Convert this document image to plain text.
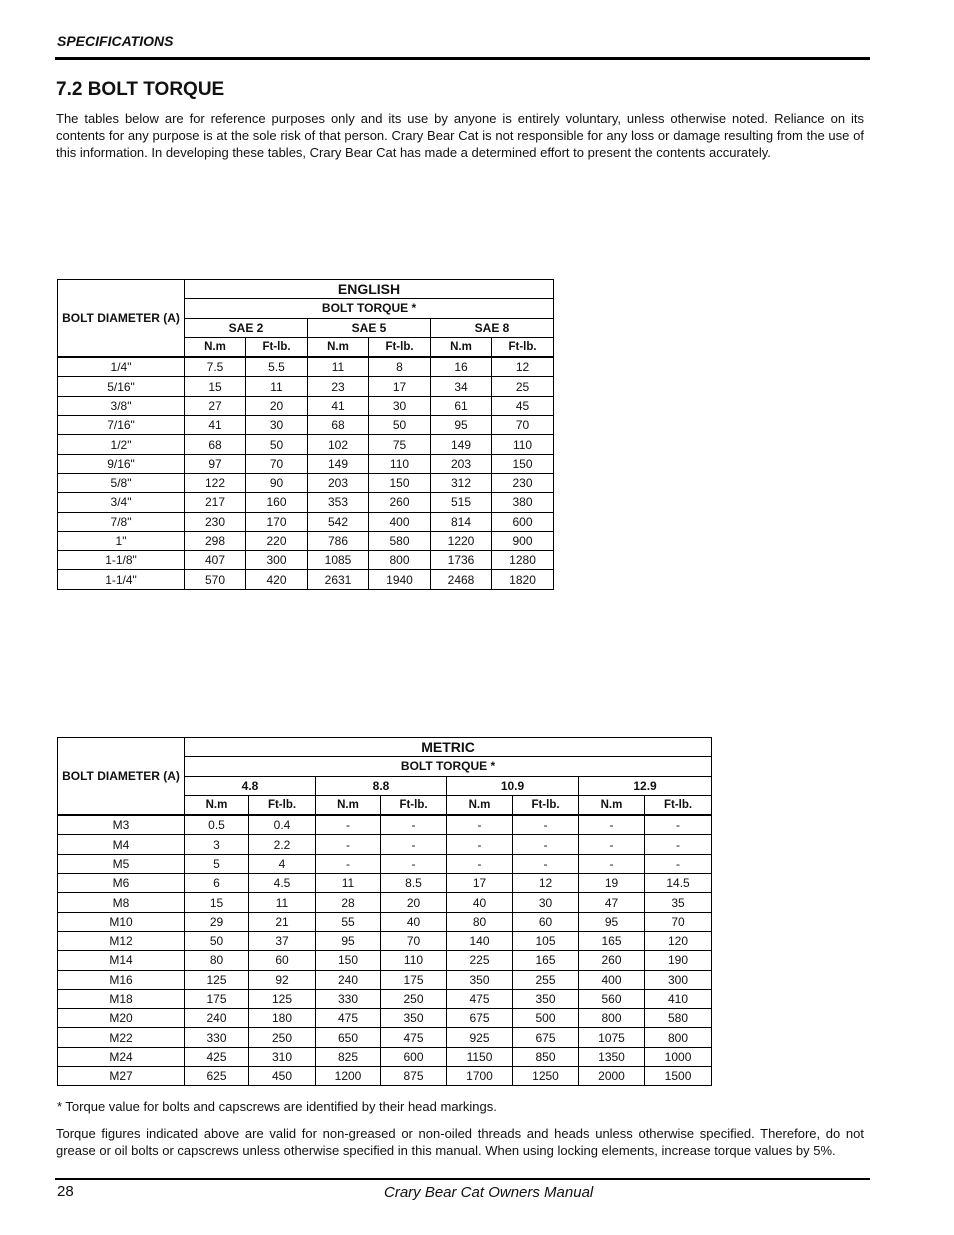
SPECIFICATIONS
7.2 BOLT TORQUE

The tables below are for reference purposes only and its use by anyone is entirely voluntary, unless otherwise noted. Reliance on its contents for any purpose is at the sole risk of that person. Crary Bear Cat is not responsible for any loss or damage resulting from the use of this information. In developing these tables, Crary Bear Cat has made a determined effort to present the contents accurately.

BOLT DIAMETER (A)	ENGLISH					
	BOLT TORQUE *					
	SAE 2		SAE 5		SAE 8	
	N.m	Ft-lb.	N.m	Ft-lb.	N.m	Ft-lb.
1/4"	7.5	5.5	11	8	16	12
5/16"	15	11	23	17	34	25
3/8"	27	20	41	30	61	45
7/16"	41	30	68	50	95	70
1/2"	68	50	102	75	149	110
9/16"	97	70	149	110	203	150
5/8"	122	90	203	150	312	230
3/4"	217	160	353	260	515	380
7/8"	230	170	542	400	814	600
1"	298	220	786	580	1220	900
1-1/8"	407	300	1085	800	1736	1280
1-1/4"	570	420	2631	1940	2468	1820
BOLT DIAMETER (A)	METRIC							
	BOLT TORQUE *							
	4.8		8.8		10.9		12.9	
	N.m	Ft-lb.	N.m	Ft-lb.	N.m	Ft-lb.	N.m	Ft-lb.
M3	0.5	0.4	-	-	-	-	-	-
M4	3	2.2	-	-	-	-	-	-
M5	5	4	-	-	-	-	-	-
M6	6	4.5	11	8.5	17	12	19	14.5
M8	15	11	28	20	40	30	47	35
M10	29	21	55	40	80	60	95	70
M12	50	37	95	70	140	105	165	120
M14	80	60	150	110	225	165	260	190
M16	125	92	240	175	350	255	400	300
M18	175	125	330	250	475	350	560	410
M20	240	180	475	350	675	500	800	580
M22	330	250	650	475	925	675	1075	800
M24	425	310	825	600	1150	850	1350	1000
M27	625	450	1200	875	1700	1250	2000	1500
* Torque value for bolts and capscrews are identified by their head markings.

Torque figures indicated above are valid for non-greased or non-oiled threads and heads unless otherwise specified. Therefore, do not grease or oil bolts or capscrews unless otherwise specified in this manual. When using locking elements, increase torque values by 5%.

28	Crary Bear Cat Owners Manual
